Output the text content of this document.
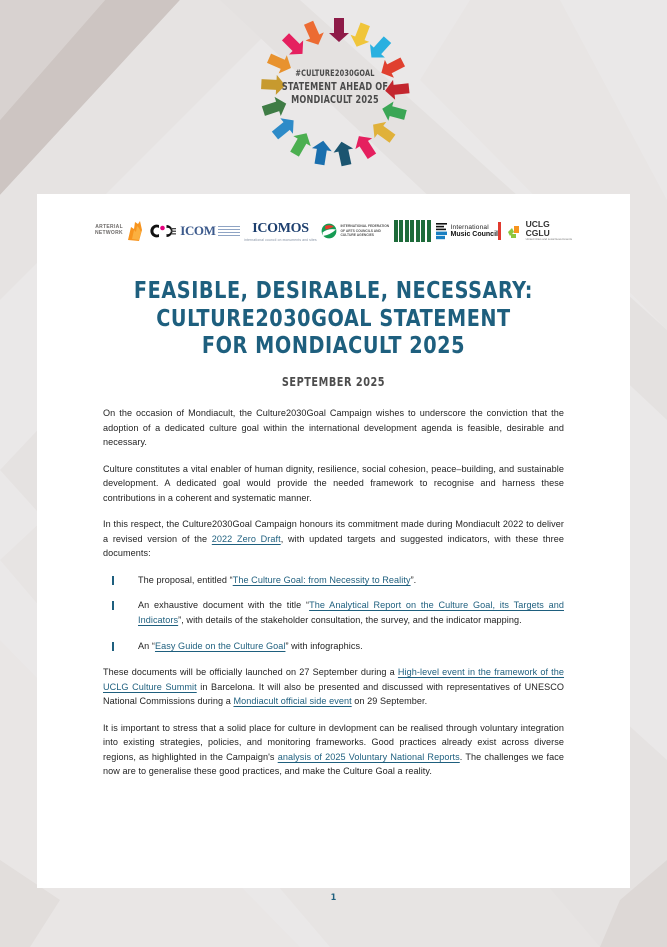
#CULTURE2030GOAL
STATEMENT AHEAD OF
MONDIACULT 2025
ARTERIAL
NETWORK	ICOM	ICOMOS
international council on monuments and sites
INTERNATIONAL FEDERATION
OF ARTS COUNCILS AND
CULTURE AGENCIES
International
Music Council
UCLG
CGLU
United Cities and Local Governments
FEASIBLE, DESIRABLE, NECESSARY:
CULTURE2030GOAL STATEMENT
FOR MONDIACULT 2025
SEPTEMBER 2025

On the occasion of Mondiacult, the Culture2030Goal Campaign wishes to underscore the conviction that the adoption of a dedicated culture goal within the international development agenda is feasible, desirable and necessary.

Culture constitutes a vital enabler of human dignity, resilience, social cohesion, peace–building, and sustainable development. A dedicated goal would provide the needed framework to recognise and harness these contributions in a coherent and systematic manner.

In this respect, the Culture2030Goal Campaign honours its commitment made during Mondiacult 2022 to deliver a revised version of the 2022 Zero Draft, with updated targets and suggested indicators, with these three documents:

The proposal, entitled “The Culture Goal: from Necessity to Reality”.
An exhaustive document with the title “The Analytical Report on the Culture Goal, its Targets and Indicators”, with details of the stakeholder consultation, the survey, and the indicator mapping.
An “Easy Guide on the Culture Goal” with infographics.

These documents will be officially launched on 27 September during a High-level event in the framework of the UCLG Culture Summit in Barcelona. It will also be presented and discussed with representatives of UNESCO National Commissions during a Mondiacult official side event on 29 September.

It is important to stress that a solid place for culture in devlopment can be realised through voluntary integration into existing strategies, policies, and monitoring frameworks. Good practices already exist across diverse regions, as highlighted in the Campaign's analysis of 2025 Voluntary National Reports. The challenges we face now are to generalise these good practices, and make the Culture Goal a reality.

1
